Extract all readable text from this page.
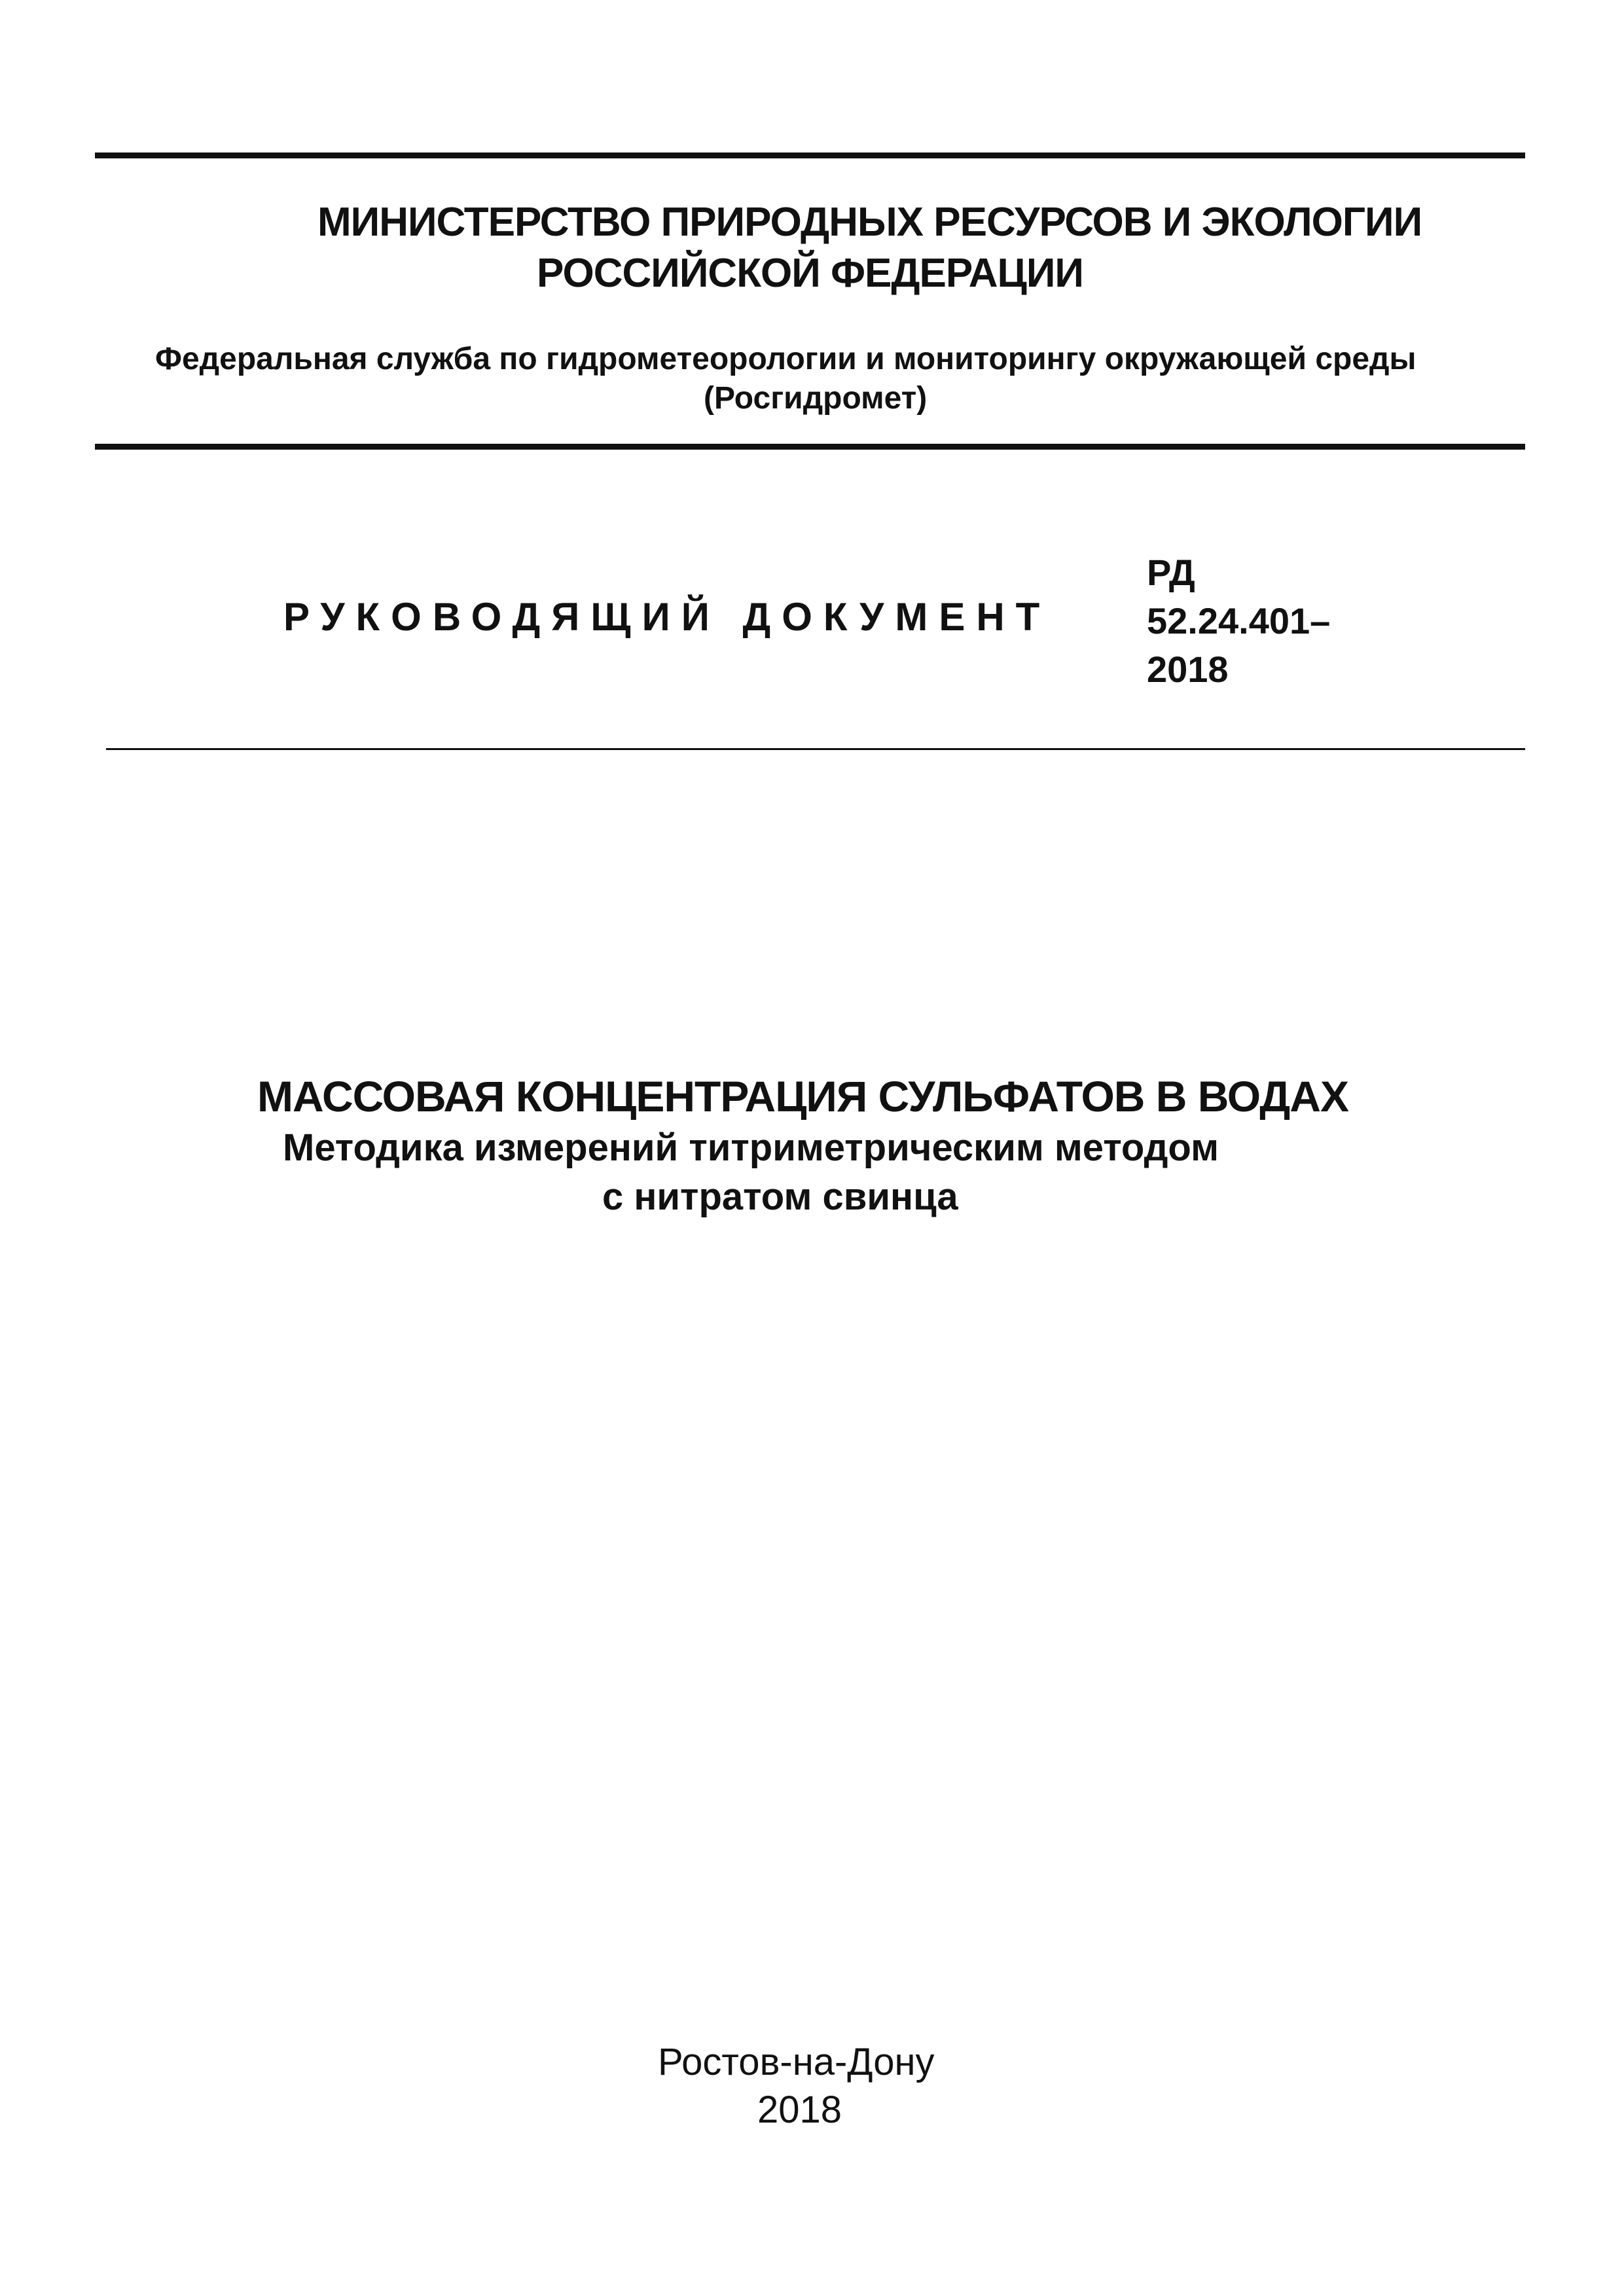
МИНИСТЕРСТВО ПРИРОДНЫХ РЕСУРСОВ И ЭКОЛОГИИ
РОССИЙСКОЙ ФЕДЕРАЦИИ
Федеральная служба по гидрометеорологии и мониторингу окружающей среды
(Росгидромет)
РУКОВОДЯЩИЙ ДОКУМЕНТ
РД
52.24.401–
2018
МАССОВАЯ КОНЦЕНТРАЦИЯ СУЛЬФАТОВ В ВОДАХ
Методика измерений титриметрическим методом
с нитратом свинца
Ростов-на-Дону
2018
